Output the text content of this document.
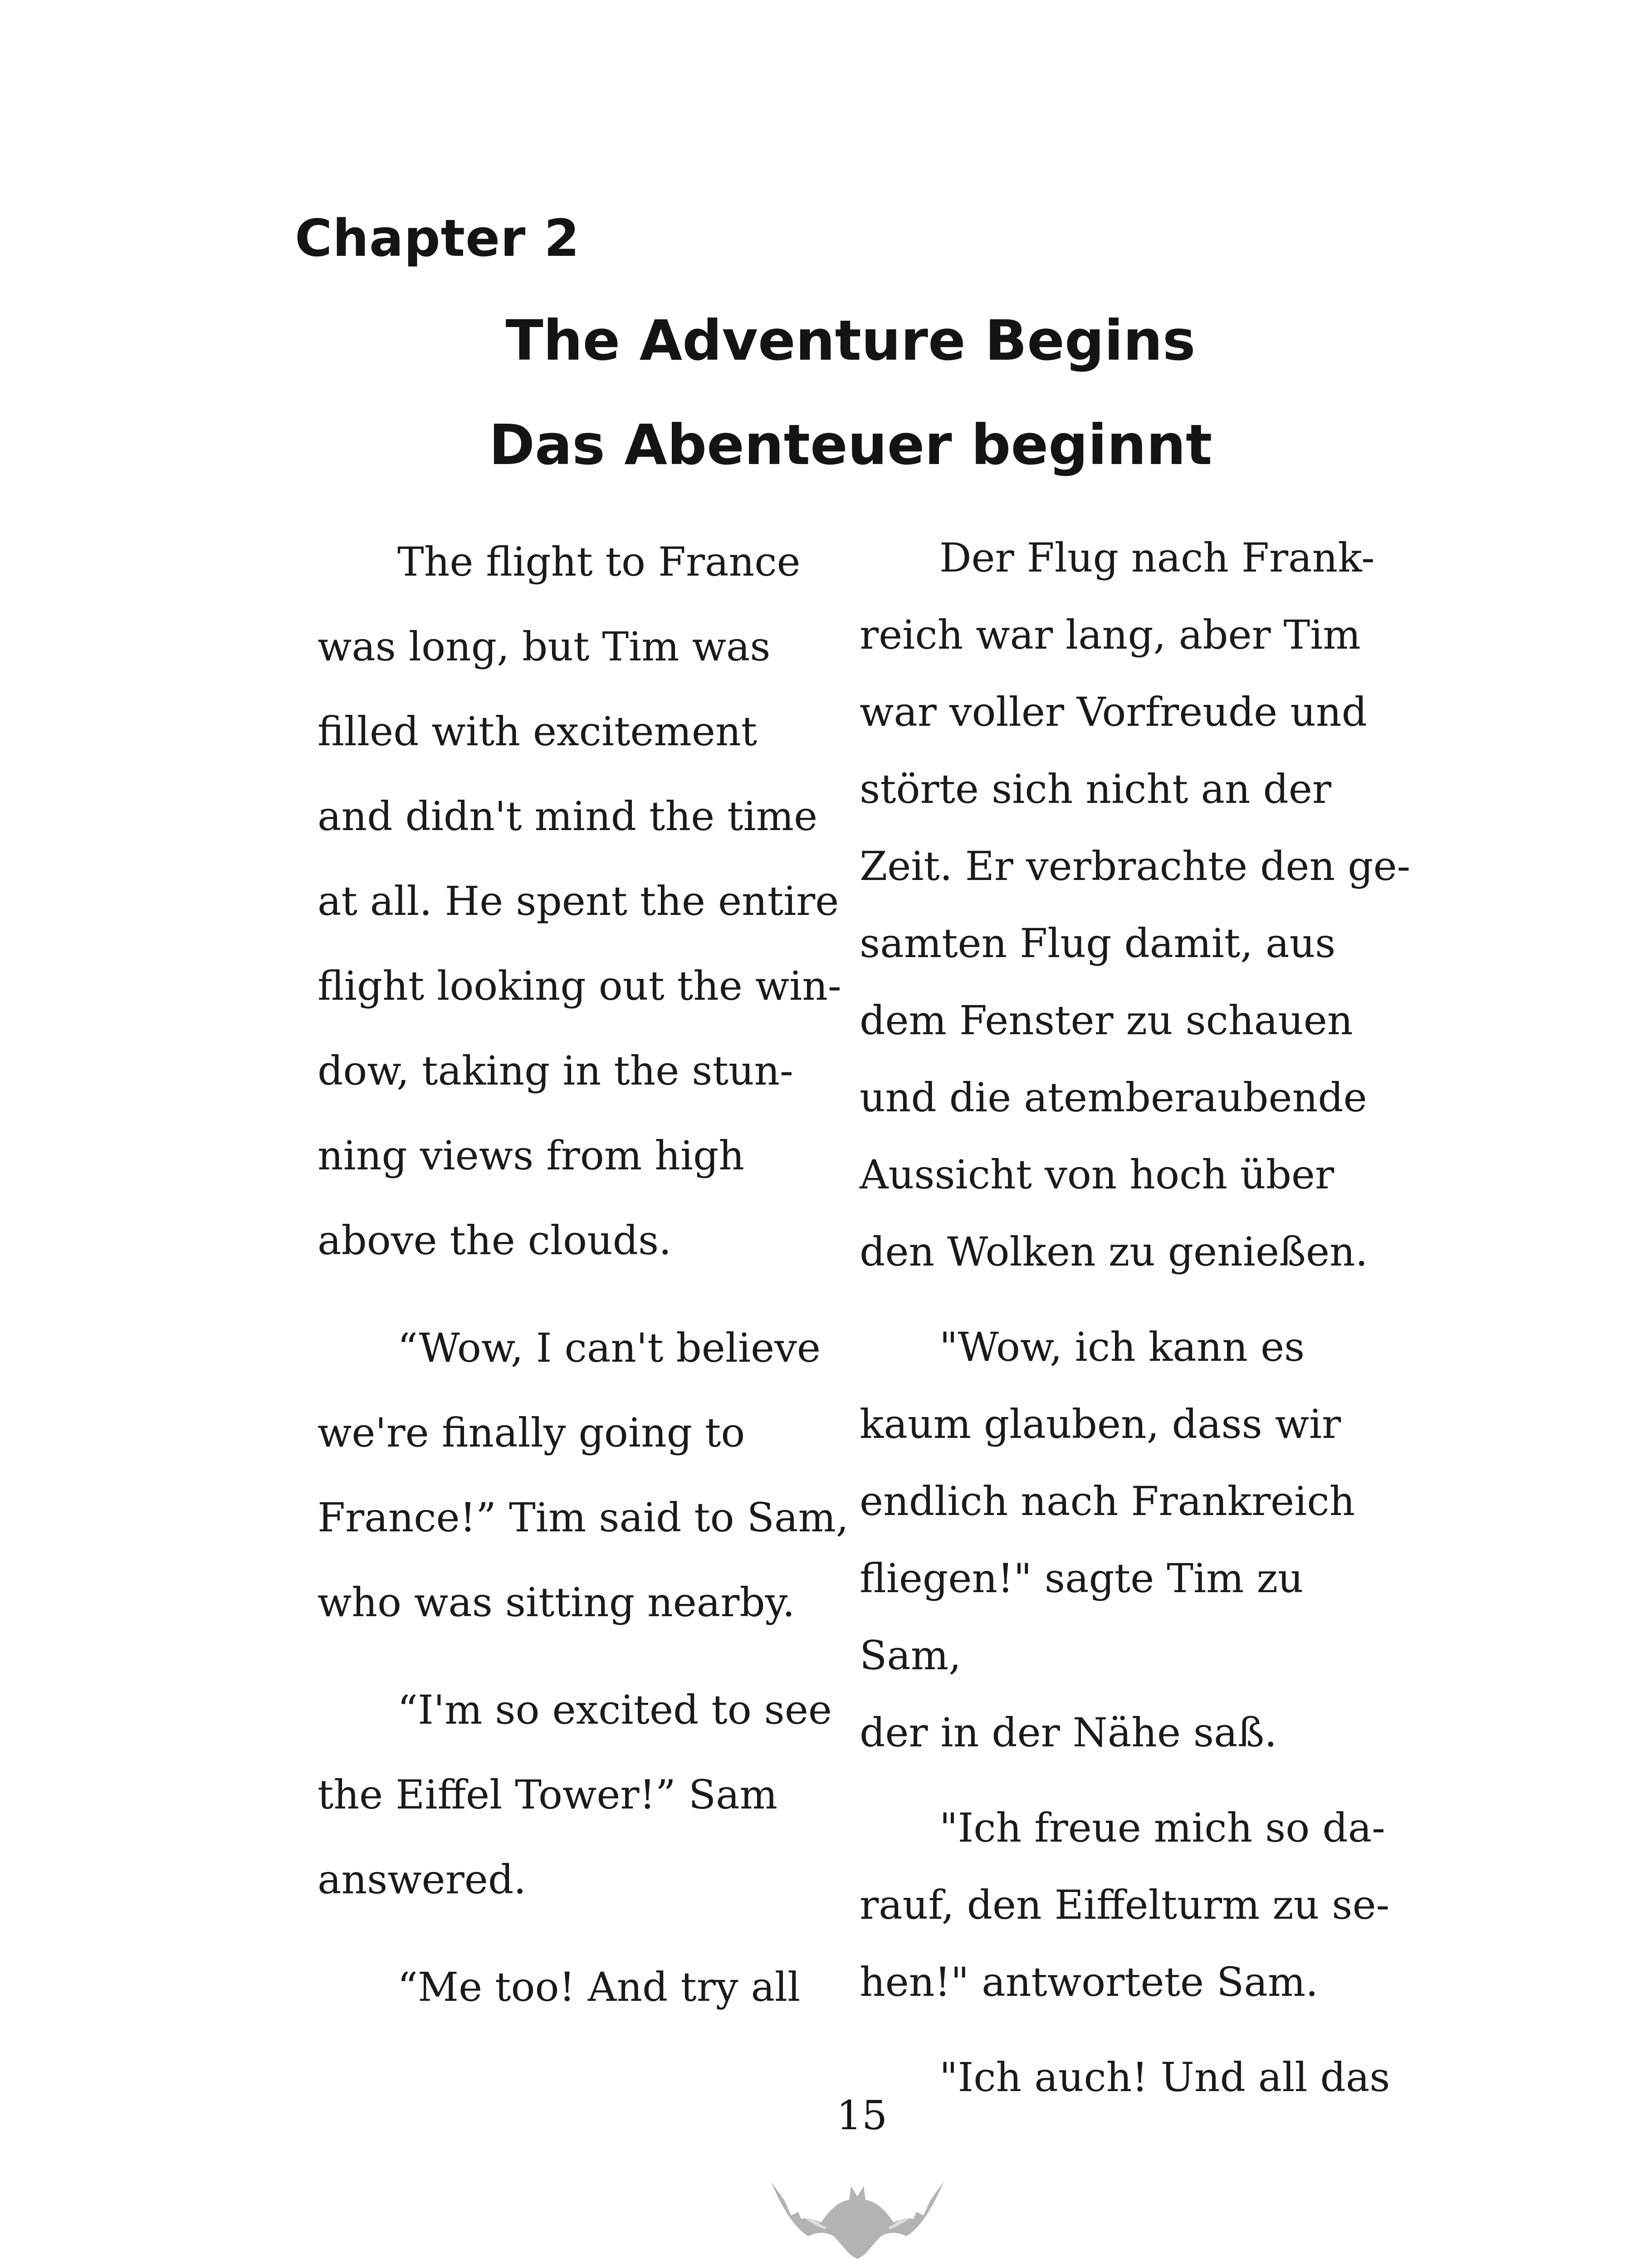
Chapter 2
The Adventure Begins
Das Abenteuer beginnt

  The flight to France
was long, but Tim was
filled with excitement
and didn't mind the time
at all. He spent the entire
flight looking out the win-
dow, taking in the stun-
ning views from high
above the clouds.

  “Wow, I can't believe
we're finally going to
France!” Tim said to Sam,
who was sitting nearby.

  “I'm so excited to see
the Eiffel Tower!” Sam
answered.

  “Me too! And try all

  Der Flug nach Frank-
reich war lang, aber Tim
war voller Vorfreude und
störte sich nicht an der
Zeit. Er verbrachte den ge-
samten Flug damit, aus
dem Fenster zu schauen
und die atemberaubende
Aussicht von hoch über
den Wolken zu genießen.

  "Wow, ich kann es
kaum glauben, dass wir
endlich nach Frankreich
fliegen!" sagte Tim zu Sam,
der in der Nähe saß.

  "Ich freue mich so da-
rauf, den Eiffelturm zu se-
hen!" antwortete Sam.

  "Ich auch! Und all das

15
